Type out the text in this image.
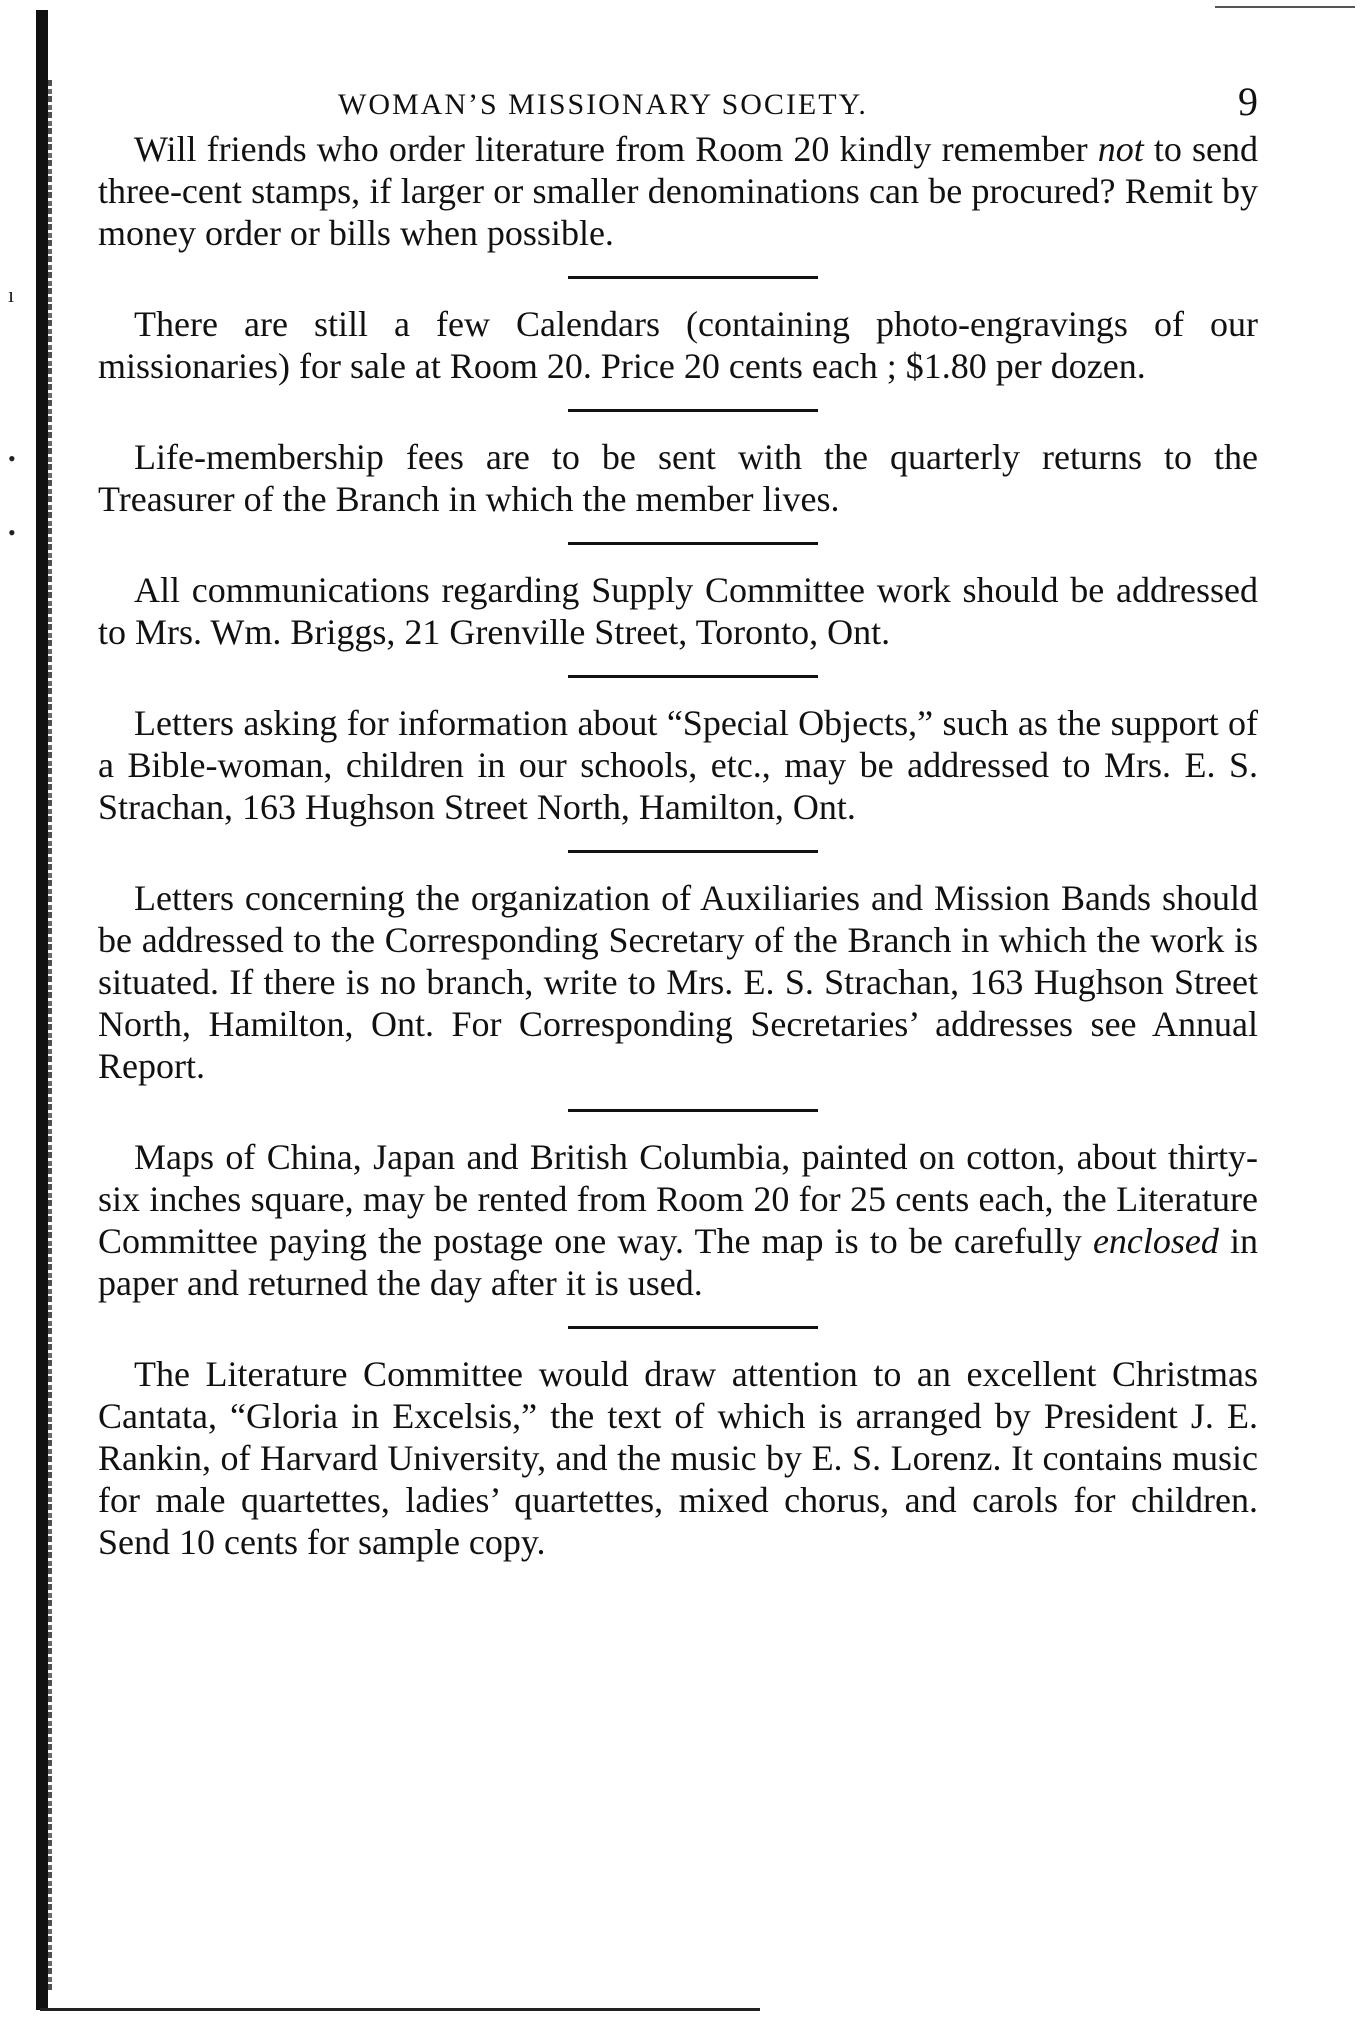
ı
•
•
WOMAN’S MISSIONARY SOCIETY.	9

Will friends who order literature from Room 20 kindly remember not to send three-cent stamps, if larger or smaller denominations can be procured? Remit by money order or bills when possible.

There are still a few Calendars (containing photo-engravings of our missionaries) for sale at Room 20. Price 20 cents each ; $1.80 per dozen.

Life-membership fees are to be sent with the quarterly returns to the Treasurer of the Branch in which the member lives.

All communications regarding Supply Committee work should be addressed to Mrs. Wm. Briggs, 21 Grenville Street, Toronto, Ont.

Letters asking for information about “Special Objects,” such as the support of a Bible-woman, children in our schools, etc., may be addressed to Mrs. E. S. Strachan, 163 Hughson Street North, Hamilton, Ont.

Letters concerning the organization of Auxiliaries and Mission Bands should be addressed to the Corresponding Secretary of the Branch in which the work is situated. If there is no branch, write to Mrs. E. S. Strachan, 163 Hughson Street North, Hamilton, Ont. For Corresponding Secretaries’ addresses see Annual Report.

Maps of China, Japan and British Columbia, painted on cotton, about thirty-six inches square, may be rented from Room 20 for 25 cents each, the Literature Committee paying the postage one way. The map is to be carefully enclosed in paper and returned the day after it is used.

The Literature Committee would draw attention to an excellent Christmas Cantata, “Gloria in Excelsis,” the text of which is arranged by President J. E. Rankin, of Harvard University, and the music by E. S. Lorenz. It contains music for male quartettes, ladies’ quartettes, mixed chorus, and carols for children. Send 10 cents for sample copy.
